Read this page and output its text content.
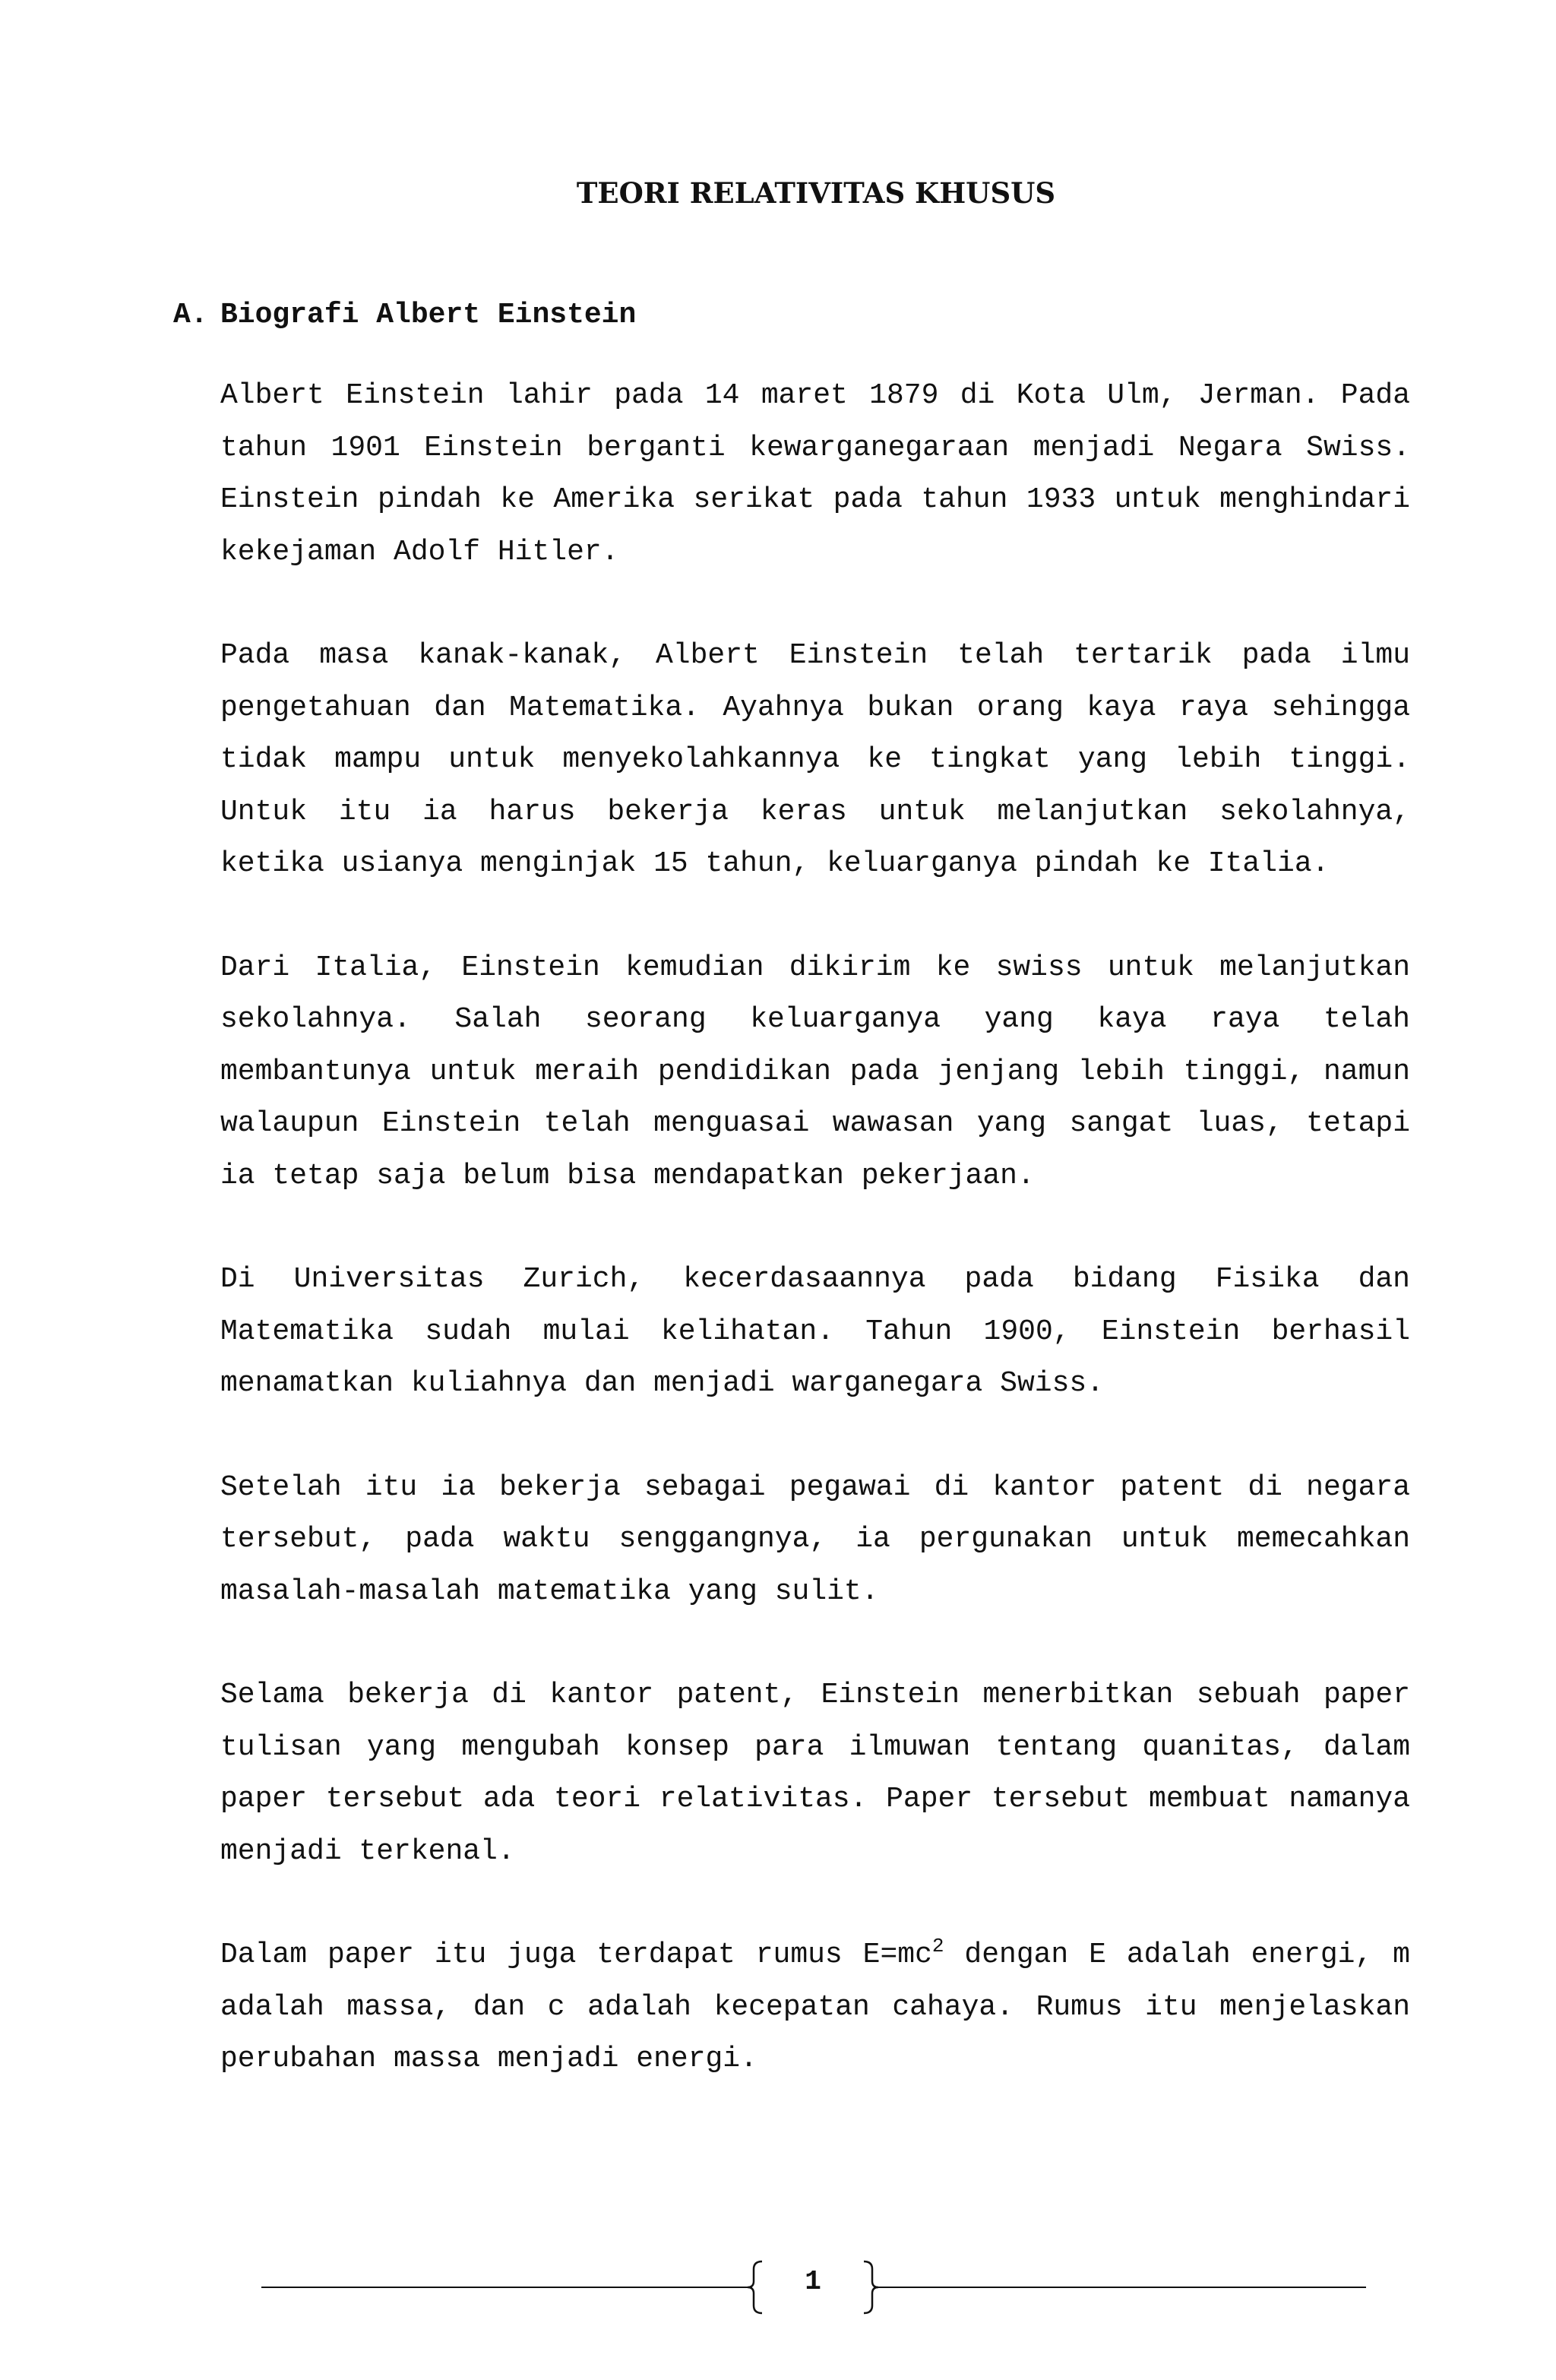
TEORI RELATIVITAS KHUSUS
A. Biografi Albert Einstein

Albert Einstein lahir pada 14 maret 1879 di Kota Ulm, Jerman. Pada tahun 1901 Einstein berganti kewarganegaraan menjadi Negara Swiss. Einstein pindah ke Amerika serikat pada tahun 1933 untuk menghindari kekejaman Adolf Hitler.

Pada masa kanak-kanak, Albert Einstein telah tertarik pada ilmu pengetahuan dan Matematika. Ayahnya bukan orang kaya raya sehingga tidak mampu untuk menyekolahkannya ke tingkat yang lebih tinggi. Untuk itu ia harus bekerja keras untuk melanjutkan sekolahnya, ketika usianya menginjak 15 tahun, keluarganya pindah ke Italia.

Dari Italia, Einstein kemudian dikirim ke swiss untuk melanjutkan sekolahnya. Salah seorang keluarganya yang kaya raya telah membantunya untuk meraih pendidikan pada jenjang lebih tinggi, namun walaupun Einstein telah menguasai wawasan yang sangat luas, tetapi ia tetap saja belum bisa mendapatkan pekerjaan.

Di Universitas Zurich, kecerdasaannya pada bidang Fisika dan Matematika sudah mulai kelihatan. Tahun 1900, Einstein berhasil menamatkan kuliahnya dan menjadi warganegara Swiss.

Setelah itu ia bekerja sebagai pegawai di kantor patent di negara tersebut, pada waktu senggangnya, ia pergunakan untuk memecahkan masalah-masalah matematika yang sulit.

Selama bekerja di kantor patent, Einstein menerbitkan sebuah paper tulisan yang mengubah konsep para ilmuwan tentang quanitas, dalam paper tersebut ada teori relativitas. Paper tersebut membuat namanya menjadi terkenal.

Dalam paper itu juga terdapat rumus $E=mc^2$ dengan E adalah energi, m adalah massa, dan c adalah kecepatan cahaya. Rumus itu menjelaskan perubahan massa menjadi energi.

1
